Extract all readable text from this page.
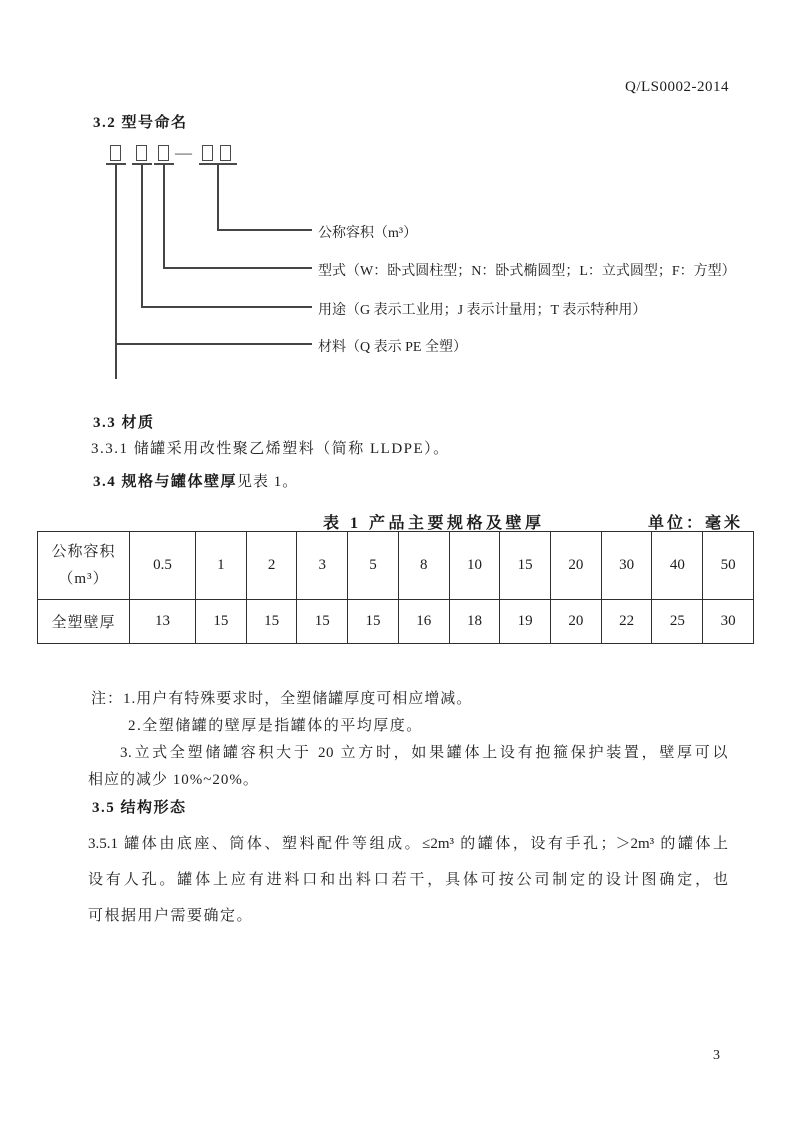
Q/LS0002-2014
3.2 型号命名
—
公称容积（m³）
型式（W：卧式圆柱型；N：卧式椭圆型；L：立式圆型；F：方型）
用途（G 表示工业用；J 表示计量用；T 表示特种用）
材料（Q 表示 PE 全塑）
3.3 材质
3.3.1 储罐采用改性聚乙烯塑料（简称 LLDPE）。
3.4 规格与罐体壁厚见表 1。
表 1 产品主要规格及壁厚	单位：毫米
公称容积
（m³）	0.5	1	2	3	5	8	10	15	20	30	40	50
全塑壁厚	13	15	15	15	15	16	18	19	20	22	25	30
注：1.用户有特殊要求时，全塑储罐厚度可相应增减。
2.全塑储罐的壁厚是指罐体的平均厚度。
3.立式全塑储罐容积大于 20 立方时，如果罐体上设有抱箍保护装置，壁厚可以
相应的减少 10%~20%。
3.5 结构形态
3.5.1 罐体由底座、筒体、塑料配件等组成。≤2m³ 的罐体，设有手孔；＞2m³ 的罐体上
设有人孔。罐体上应有进料口和出料口若干，具体可按公司制定的设计图确定，也
可根据用户需要确定。
3
